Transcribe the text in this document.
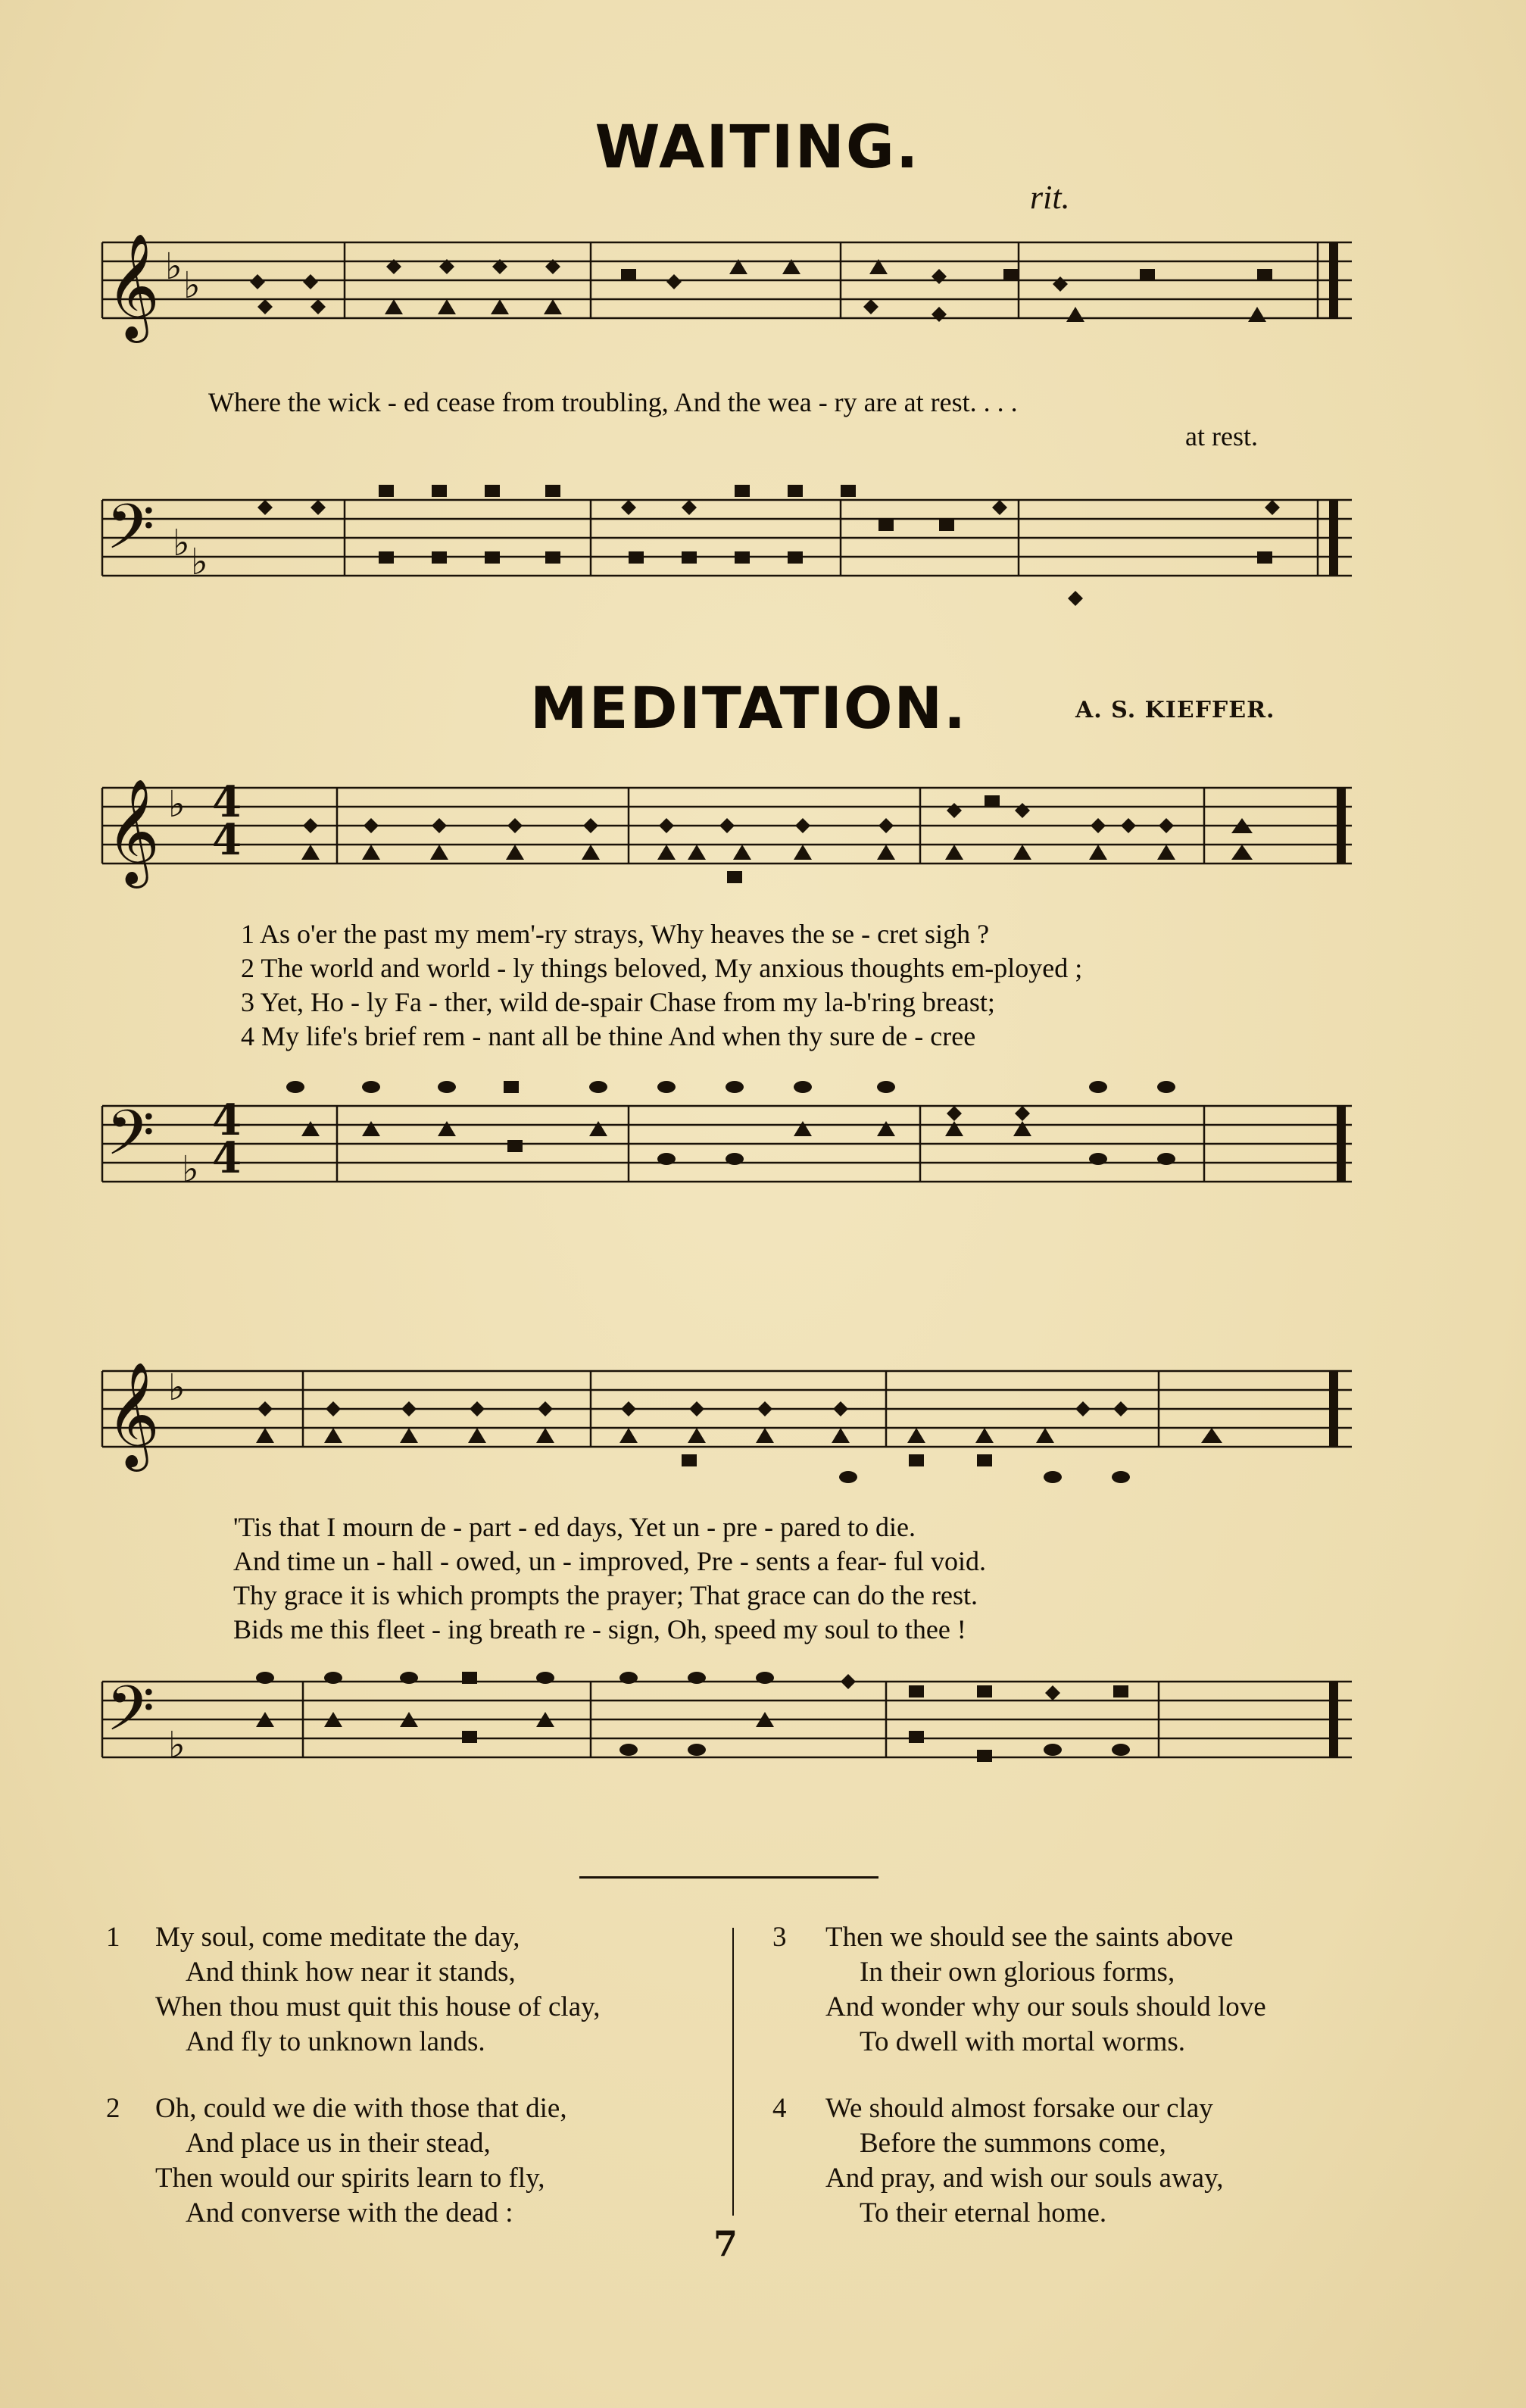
WAITING.
rit.
𝄞 ♭ ♭
Where the wick - ed cease from troubling, And the wea - ry are at rest. . . .
at rest.
𝄢 ♭ ♭
MEDITATION.	A. S. KIEFFER.
𝄞 ♭ 4
4
1 As o'er the past my mem'-ry strays, Why heaves the se - cret sigh ?
2 The world and world - ly things beloved, My anxious thoughts em-ployed ;
3 Yet, Ho - ly Fa - ther, wild de-spair Chase from my la-b'ring breast;
4 My life's brief rem - nant all be thine And when thy sure de - cree
𝄢 4
4
♭
𝄞 ♭
'Tis that I mourn de - part - ed days, Yet un - pre - pared to die.
And time un - hall - owed, un - improved, Pre - sents a fear- ful void.
Thy grace it is which prompts the prayer; That grace can do the rest.
Bids me this fleet - ing breath re - sign, Oh, speed my soul to thee !
𝄢 ♭
1 My soul, come meditate the day,
And think how near it stands,
When thou must quit this house of clay,
And fly to unknown lands.
2 Oh, could we die with those that die,
And place us in their stead,
Then would our spirits learn to fly,
And converse with the dead :
3 Then we should see the saints above
In their own glorious forms,
And wonder why our souls should love
To dwell with mortal worms.
4 We should almost forsake our clay
Before the summons come,
And pray, and wish our souls away,
To their eternal home.
7
